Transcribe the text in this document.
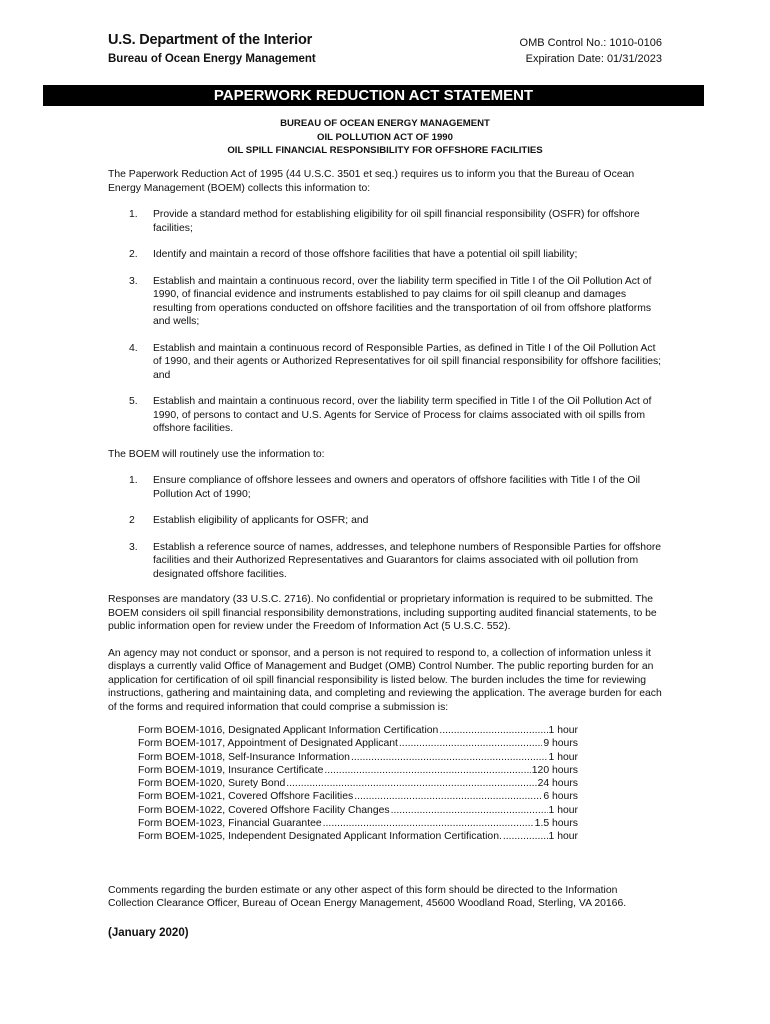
U.S. Department of the Interior
Bureau of Ocean Energy Management
OMB Control No.: 1010-0106
Expiration Date: 01/31/2023
PAPERWORK REDUCTION ACT STATEMENT
BUREAU OF OCEAN ENERGY MANAGEMENT
OIL POLLUTION ACT OF 1990
OIL SPILL FINANCIAL RESPONSIBILITY FOR OFFSHORE FACILITIES

The Paperwork Reduction Act of 1995 (44 U.S.C. 3501 et seq.) requires us to inform you that the Bureau of Ocean Energy Management (BOEM) collects this information to:

1. Provide a standard method for establishing eligibility for oil spill financial responsibility (OSFR) for offshore facilities;
2. Identify and maintain a record of those offshore facilities that have a potential oil spill liability;
3. Establish and maintain a continuous record, over the liability term specified in Title I of the Oil Pollution Act of 1990, of financial evidence and instruments established to pay claims for oil spill cleanup and damages resulting from operations conducted on offshore facilities and the transportation of oil from offshore platforms and wells;
4. Establish and maintain a continuous record of Responsible Parties, as defined in Title I of the Oil Pollution Act of 1990, and their agents or Authorized Representatives for oil spill financial responsibility for offshore facilities; and
5. Establish and maintain a continuous record, over the liability term specified in Title I of the Oil Pollution Act of 1990, of persons to contact and U.S. Agents for Service of Process for claims associated with oil spills from offshore facilities.

The BOEM will routinely use the information to:

1. Ensure compliance of offshore lessees and owners and operators of offshore facilities with Title I of the Oil Pollution Act of 1990;
2 Establish eligibility of applicants for OSFR; and
3. Establish a reference source of names, addresses, and telephone numbers of Responsible Parties for offshore facilities and their Authorized Representatives and Guarantors for claims associated with oil pollution from designated offshore facilities.

Responses are mandatory (33 U.S.C. 2716). No confidential or proprietary information is required to be submitted. The BOEM considers oil spill financial responsibility demonstrations, including supporting audited financial statements, to be public information open for review under the Freedom of Information Act (5 U.S.C. 552).

An agency may not conduct or sponsor, and a person is not required to respond to, a collection of information unless it displays a currently valid Office of Management and Budget (OMB) Control Number. The public reporting burden for an application for certification of oil spill financial responsibility is listed below. The burden includes the time for reviewing instructions, gathering and maintaining data, and completing and reviewing the application. The average burden for each of the forms and required information that could comprise a submission is:

Form BOEM-1016, Designated Applicant Information Certification .....	1 hour
Form BOEM-1017, Appointment of Designated Applicant .....	9 hours
Form BOEM-1018, Self-Insurance Information .....	1 hour
Form BOEM-1019, Insurance Certificate .....	120 hours
Form BOEM-1020, Surety Bond .....	24 hours
Form BOEM-1021, Covered Offshore Facilities .....	6 hours
Form BOEM-1022, Covered Offshore Facility Changes .....	1 hour
Form BOEM-1023, Financial Guarantee .....	1.5 hours
Form BOEM-1025, Independent Designated Applicant Information Certification. .....	1 hour

Comments regarding the burden estimate or any other aspect of this form should be directed to the Information Collection Clearance Officer, Bureau of Ocean Energy Management, 45600 Woodland Road, Sterling, VA 20166.

(January 2020)
